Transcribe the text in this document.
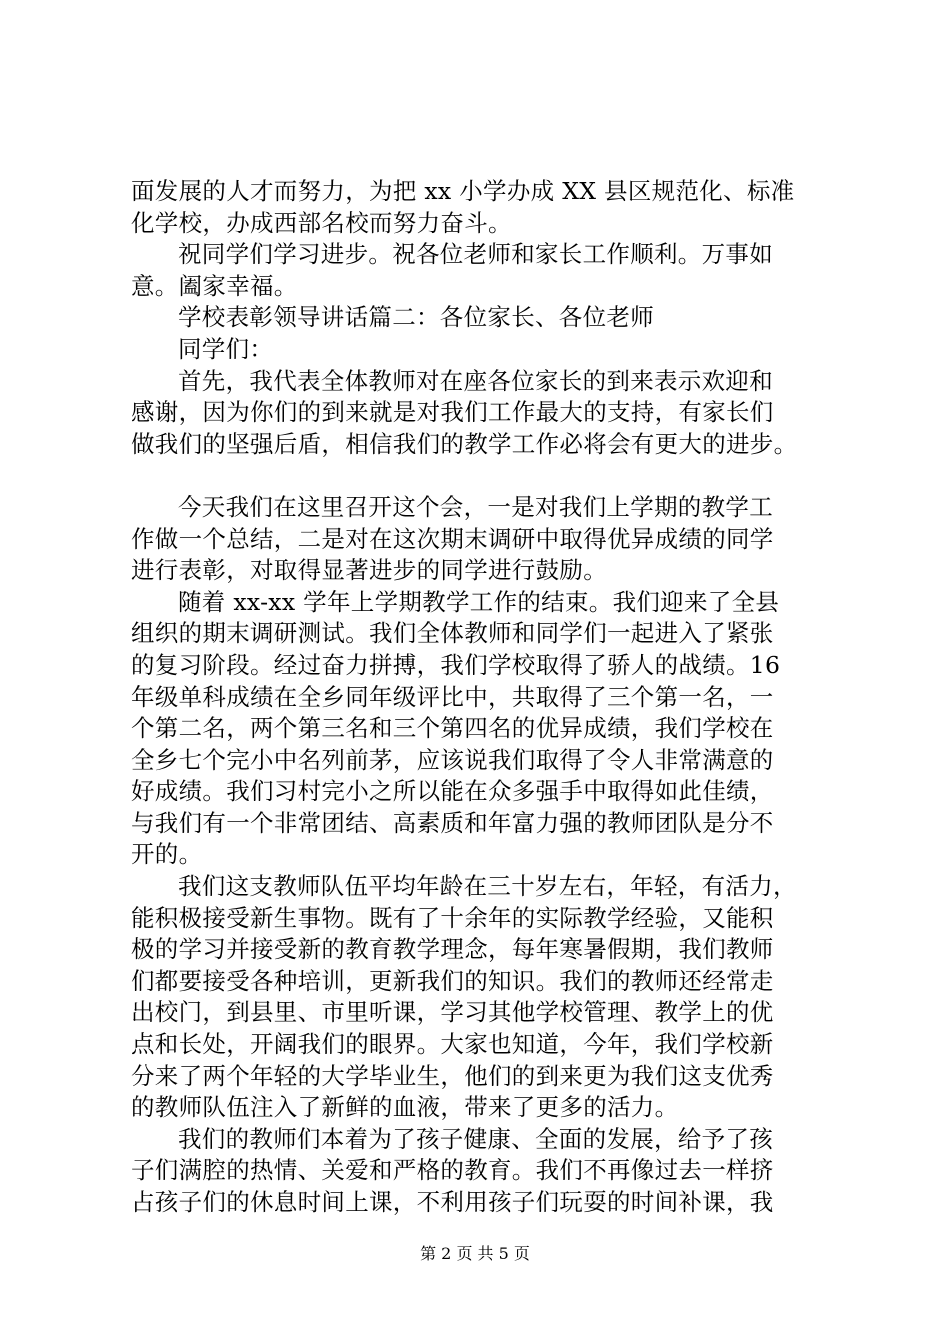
面发展的人才而努力，为把 xx 小学办成 XX 县区规范化、标准
化学校，办成西部名校而努力奋斗。
祝同学们学习进步。祝各位老师和家长工作顺利。万事如
意。阖家幸福。
学校表彰领导讲话篇二：各位家长、各位老师
同学们：
首先，我代表全体教师对在座各位家长的到来表示欢迎和
感谢，因为你们的到来就是对我们工作最大的支持，有家长们
做我们的坚强后盾，相信我们的教学工作必将会有更大的进步。
今天我们在这里召开这个会，一是对我们上学期的教学工
作做一个总结，二是对在这次期末调研中取得优异成绩的同学
进行表彰，对取得显著进步的同学进行鼓励。
随着 xx-xx 学年上学期教学工作的结束。我们迎来了全县
组织的期末调研测试。我们全体教师和同学们一起进入了紧张
的复习阶段。经过奋力拼搏，我们学校取得了骄人的战绩。16
年级单科成绩在全乡同年级评比中，共取得了三个第一名，一
个第二名，两个第三名和三个第四名的优异成绩，我们学校在
全乡七个完小中名列前茅，应该说我们取得了令人非常满意的
好成绩。我们习村完小之所以能在众多强手中取得如此佳绩，
与我们有一个非常团结、高素质和年富力强的教师团队是分不
开的。
我们这支教师队伍平均年龄在三十岁左右，年轻，有活力，
能积极接受新生事物。既有了十余年的实际教学经验，又能积
极的学习并接受新的教育教学理念，每年寒暑假期，我们教师
们都要接受各种培训，更新我们的知识。我们的教师还经常走
出校门，到县里、市里听课，学习其他学校管理、教学上的优
点和长处，开阔我们的眼界。大家也知道，今年，我们学校新
分来了两个年轻的大学毕业生，他们的到来更为我们这支优秀
的教师队伍注入了新鲜的血液，带来了更多的活力。
我们的教师们本着为了孩子健康、全面的发展，给予了孩
子们满腔的热情、关爱和严格的教育。我们不再像过去一样挤
占孩子们的休息时间上课，不利用孩子们玩耍的时间补课，我
第 2 页 共 5 页
